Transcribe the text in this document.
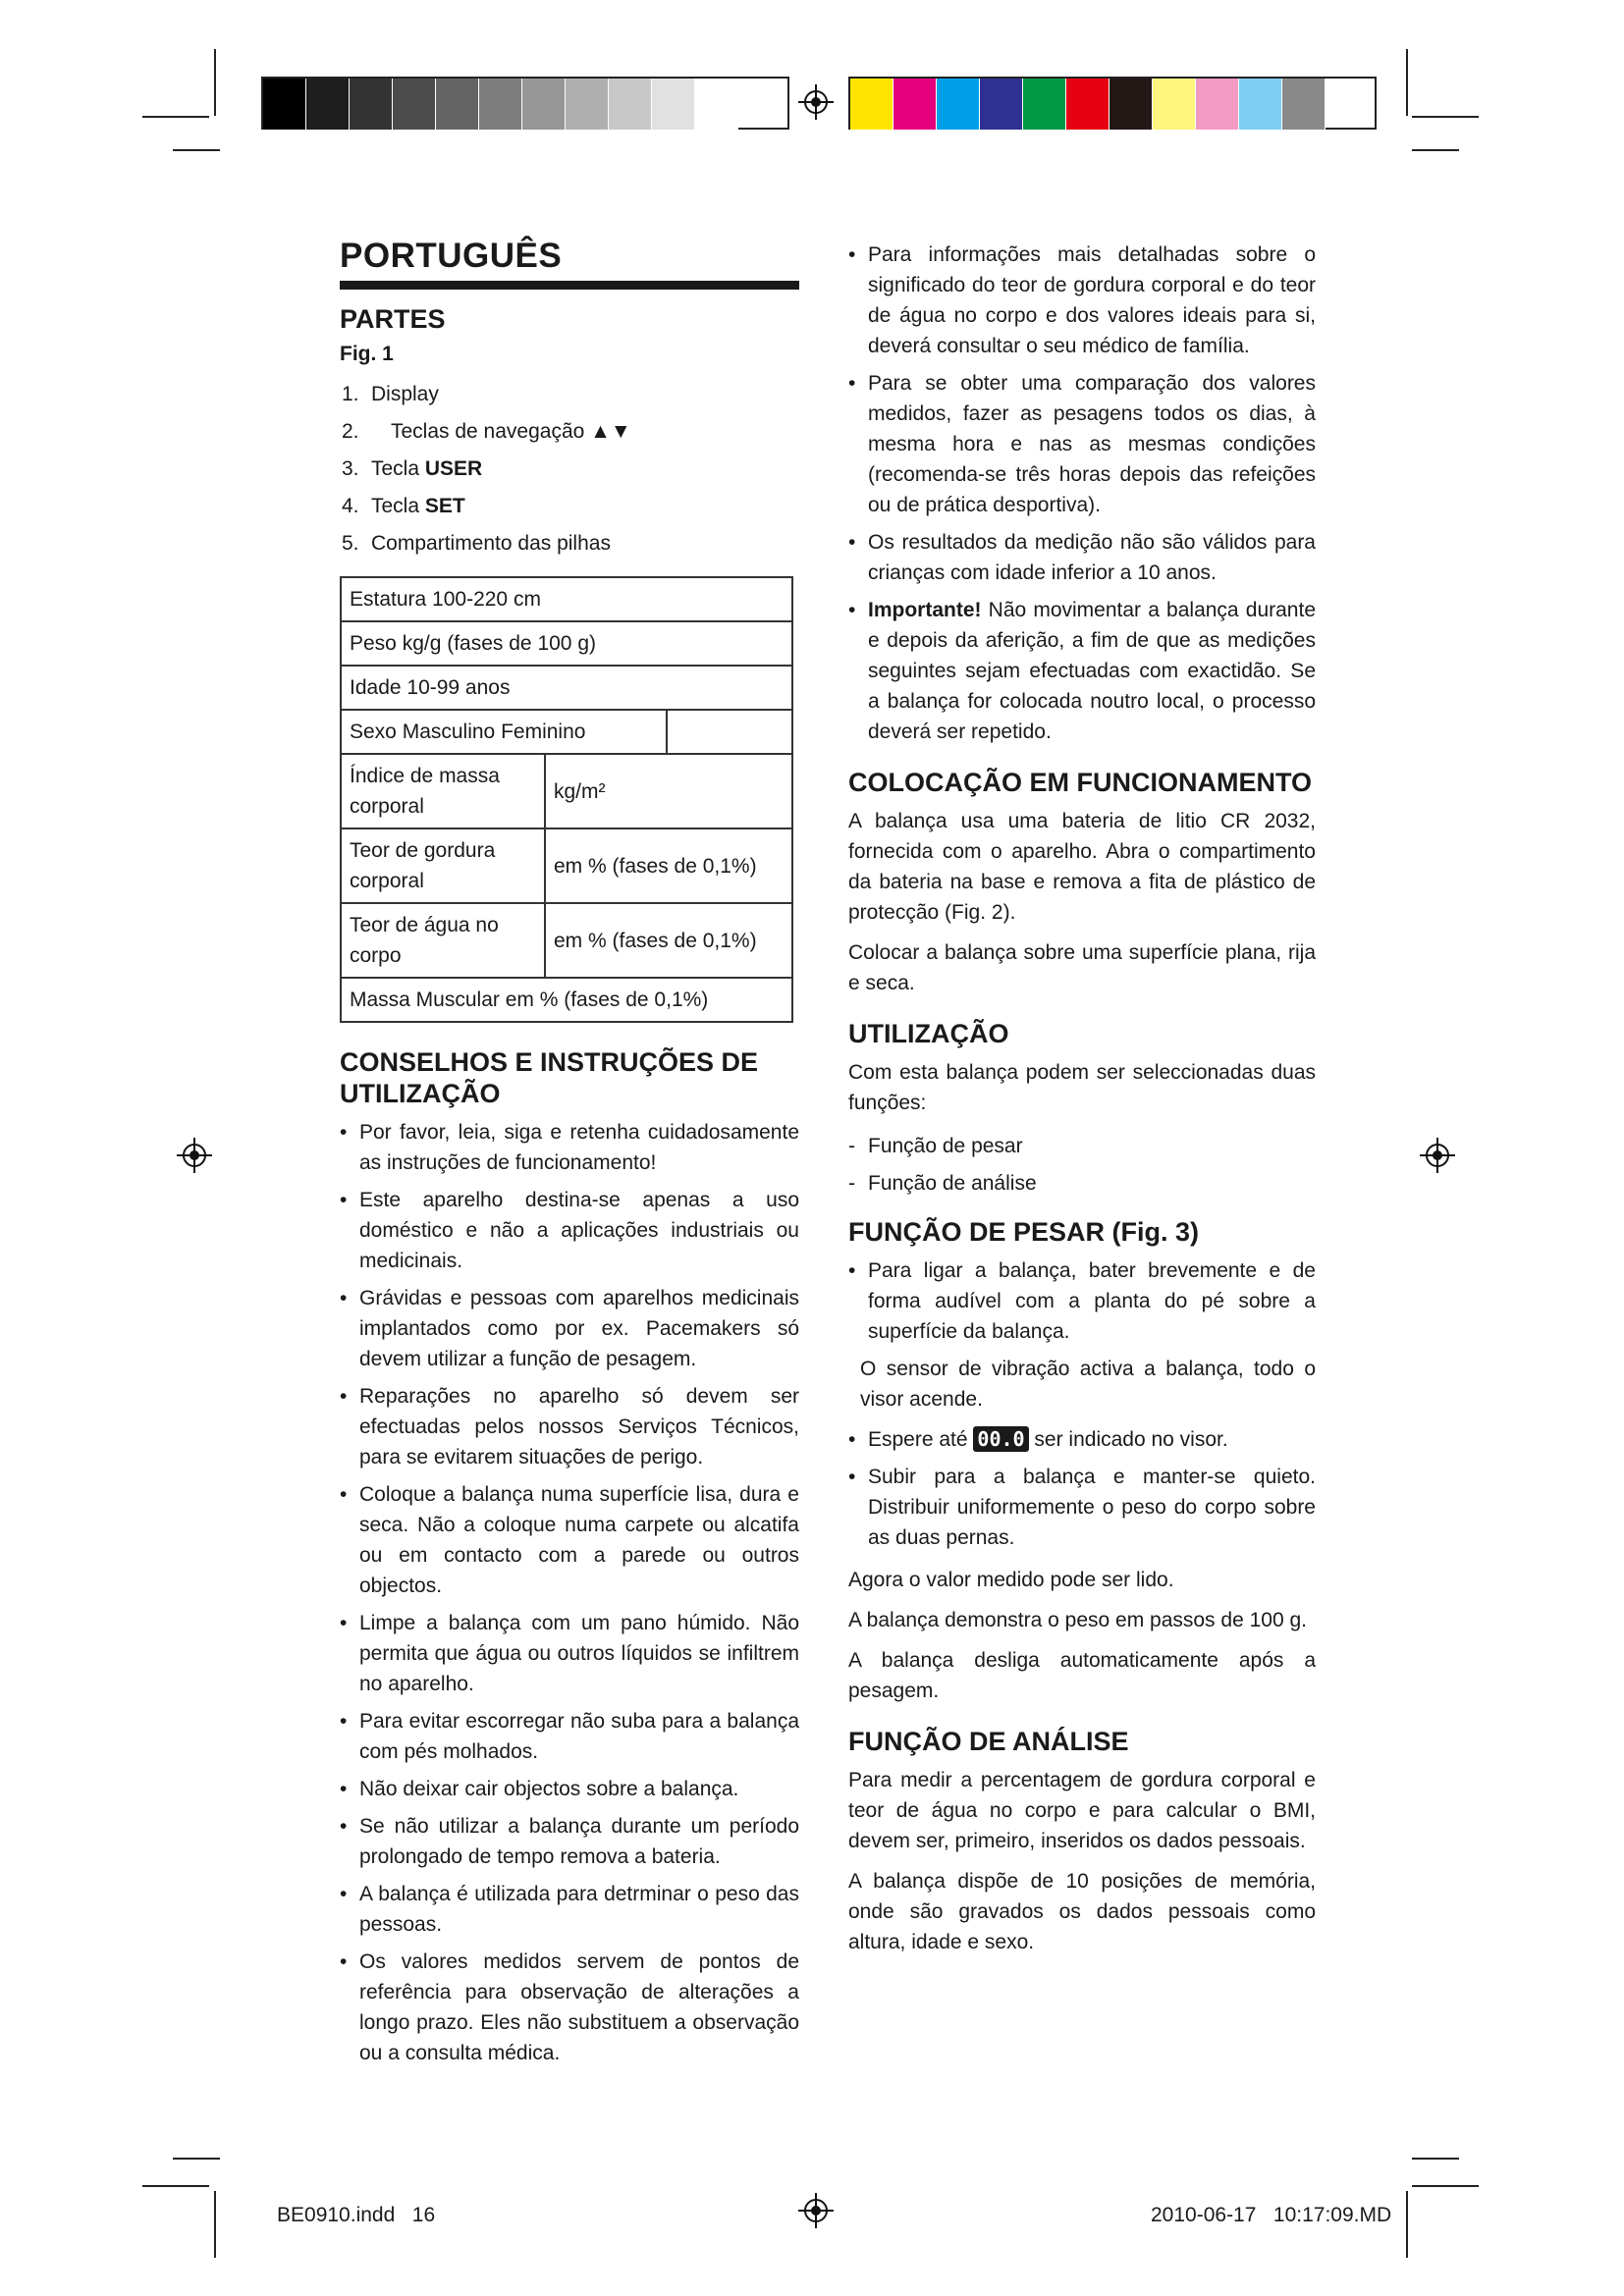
PORTUGUÊS
PARTES
Fig. 1
1. Display
2. Teclas de navegação ▲▼
3. Tecla USER
4. Tecla SET
5. Compartimento das pilhas
Estatura 100-220 cm		
Peso kg/g (fases de 100 g)		
Idade 10-99 anos		
Sexo Masculino Feminino		
Índice de massa corporal	kg/m²	
Teor de gordura corporal	em % (fases de 0,1%)	
Teor de água no corpo	em % (fases de 0,1%)	
Massa Muscular em % (fases de 0,1%)		
CONSELHOS E INSTRUÇÕES DE UTILIZAÇÃO
• Por favor, leia, siga e retenha cuidadosamente as instruções de funcionamento!
• Este aparelho destina-se apenas a uso doméstico e não a aplicações industriais ou medicinais.
• Grávidas e pessoas com aparelhos medicinais implantados como por ex. Pacemakers só devem utilizar a função de pesagem.
• Reparações no aparelho só devem ser efectuadas pelos nossos Serviços Técnicos, para se evitarem situações de perigo.
• Coloque a balança numa superfície lisa, dura e seca. Não a coloque numa carpete ou alcatifa ou em contacto com a parede ou outros objectos.
• Limpe a balança com um pano húmido. Não permita que água ou outros líquidos se infiltrem no aparelho.
• Para evitar escorregar não suba para a balança com pés molhados.
• Não deixar cair objectos sobre a balança.
• Se não utilizar a balança durante um período prolongado de tempo remova a bateria.
• A balança é utilizada para detrminar o peso das pessoas.
• Os valores medidos servem de pontos de referência para observação de alterações a longo prazo. Eles não substituem a observação ou a consulta médica.
• Para informações mais detalhadas sobre o significado do teor de gordura corporal e do teor de água no corpo e dos valores ideais para si, deverá consultar o seu médico de família.
• Para se obter uma comparação dos valores medidos, fazer as pesagens todos os dias, à mesma hora e nas as mesmas condições (recomenda-se três horas depois das refeições ou de prática desportiva).
• Os resultados da medição não são válidos para crianças com idade inferior a 10 anos.
• Importante! Não movimentar a balança durante e depois da aferição, a fim de que as medições seguintes sejam efectuadas com exactidão. Se a balança for colocada noutro local, o processo deverá ser repetido.
COLOCAÇÃO EM FUNCIONAMENTO

A balança usa uma bateria de litio CR 2032, fornecida com o aparelho. Abra o compartimento da bateria na base e remova a fita de plástico de protecção (Fig. 2).

Colocar a balança sobre uma superfície plana, rija e seca.

UTILIZAÇÃO

Com esta balança podem ser seleccionadas duas funções:

- Função de pesar
- Função de análise
FUNÇÃO DE PESAR (Fig. 3)
• Para ligar a balança, bater brevemente e de forma audível com a planta do pé sobre a superfície da balança.

O sensor de vibração activa a balança, todo o visor acende.

• Espere até 00.0 ser indicado no visor.
• Subir para a balança e manter-se quieto. Distribuir uniformemente o peso do corpo sobre as duas pernas.

Agora o valor medido pode ser lido.

A balança demonstra o peso em passos de 100 g.

A balança desliga automaticamente após a pesagem.

FUNÇÃO DE ANÁLISE

Para medir a percentagem de gordura corporal e teor de água no corpo e para calcular o BMI, devem ser, primeiro, inseridos os dados pessoais.

A balança dispõe de 10 posições de memória, onde são gravados os dados pessoais como altura, idade e sexo.

BE0910.indd   16	2010-06-17   10:17:09.MD
